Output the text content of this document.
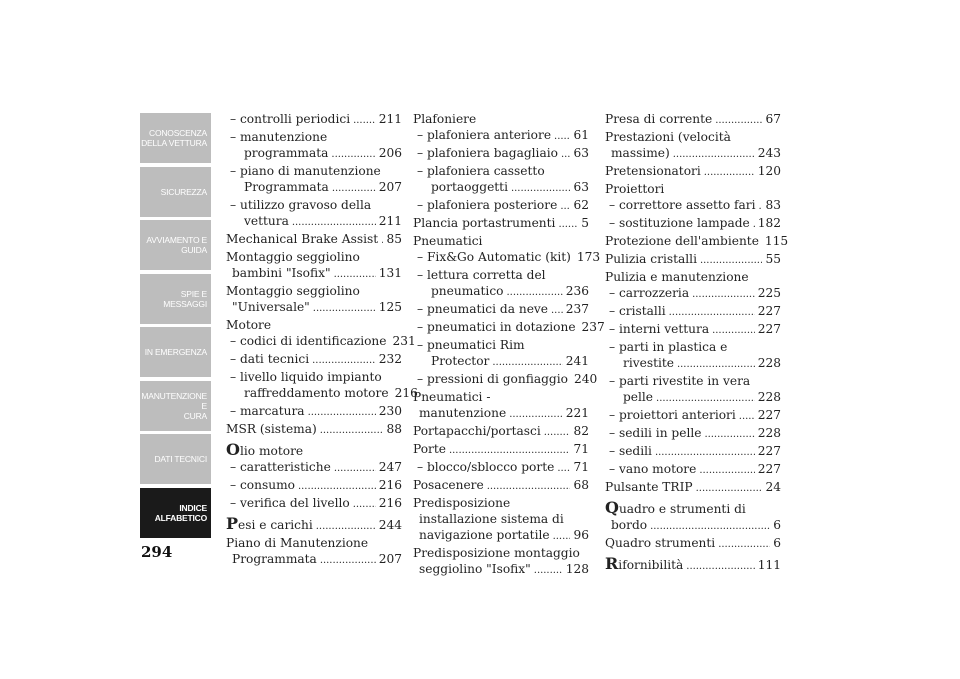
CONOSCENZA
DELLA VETTURA
SICUREZZA
AVVIAMENTO E
GUIDA
SPIE E MESSAGGI
IN EMERGENZA
MANUTENZIONE E
CURA
DATI TECNICI
INDICE
ALFABETICO
294
– controlli periodici . . . 211
– manutenzione
programmata . . .	206
– piano di manutenzione
Programmata . . .	207
– utilizzo gravoso della
vettura . . .	211
Mechanical Brake Assist . . . 85
Montaggio seggiolino
bambini "Isofix" . . .	131
Montaggio seggiolino
"Universale" . . .	125
Motore
– codici di identificazione 231
– dati tecnici . . .	232
– livello liquido impianto
raffreddamento motore 216
– marcatura . . .	230
MSR (sistema) . . .	88
Olio motore
– caratteristiche . . .	247
– consumo . . .	216
– verifica del livello . . . 216
Pesi e carichi . . .	244
Piano di Manutenzione
Programmata . . .	207
Plafoniere
– plafoniera anteriore . . . 61
– plafoniera bagagliaio . . . 63
– plafoniera cassetto
portaoggetti . . .	63
– plafoniera posteriore . . . 62
Plancia portastrumenti . . . 5
Pneumatici
– Fix&Go Automatic (kit) 173
– lettura corretta del
pneumatico . . .	236
– pneumatici da neve . . . 237
– pneumatici in dotazione 237
– pneumatici Rim
Protector . . .	241
– pressioni di gonfiaggio 240
Pneumatici -
manutenzione . . .	221
Portapacchi/portasci . . .	82
Porte . . .	71
– blocco/sblocco porte . . . 71
Posacenere . . .	68
Predisposizione
installazione sistema di
navigazione portatile . . . 96
Predisposizione montaggio
seggiolino "Isofix" . . .	128
Presa di corrente . . .	67
Prestazioni (velocità
massime) . . .	243
Pretensionatori . . .	120
Proiettori
– correttore assetto fari . . . 83
– sostituzione lampade . . . 182
Protezione dell'ambiente 115
Pulizia cristalli . . .	55
Pulizia e manutenzione
– carrozzeria . . .	225
– cristalli . . .	227
– interni vettura . . .	227
– parti in plastica e
rivestite . . .	228
– parti rivestite in vera
pelle . . .	228
– proiettori anteriori . . . 227
– sedili in pelle . . .	228
– sedili . . .	227
– vano motore . . .	227
Pulsante TRIP . . .	24
Quadro e strumenti di
bordo . . .	6
Quadro strumenti . . .	6
Rifornibilità . . .	111
